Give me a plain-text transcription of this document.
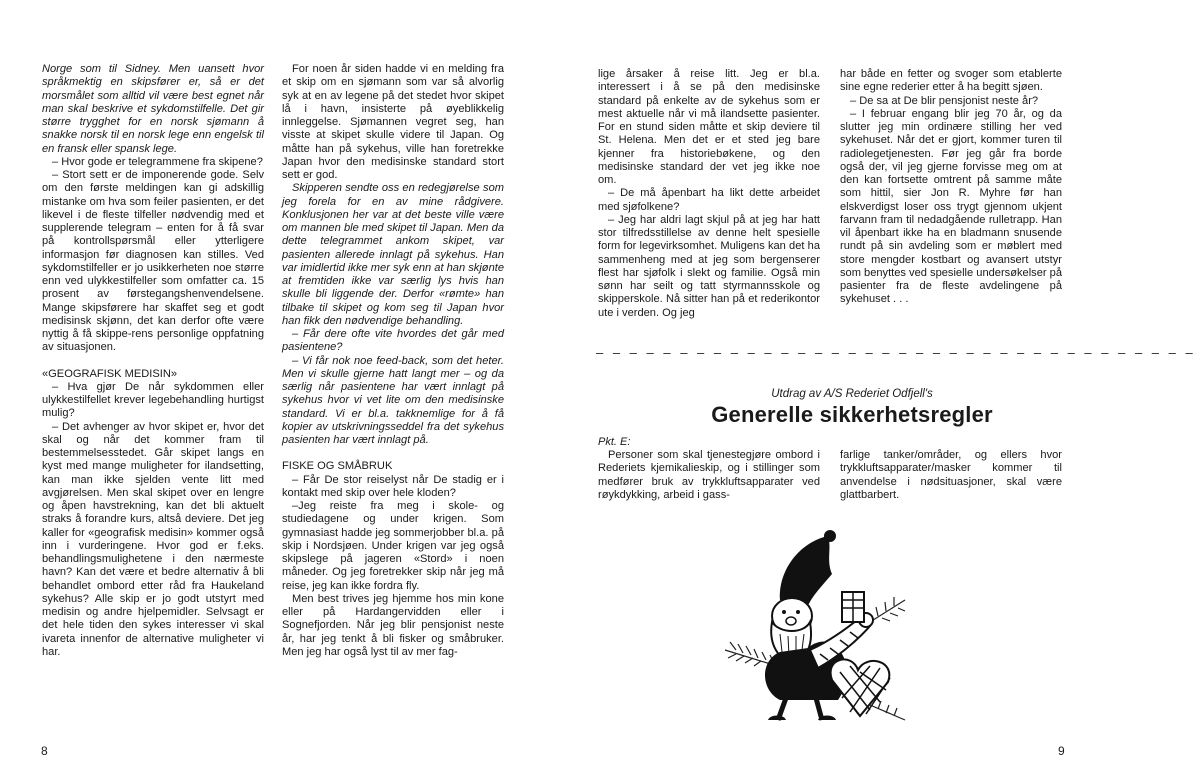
Norge som til Sidney. Men uansett hvor språkmektig en skipsfører er, så er det morsmålet som alltid vil være best egnet når man skal beskrive et sykdomstilfelle. Det gir større trygghet for en norsk sjømann å snakke norsk til en norsk lege enn engelsk til en fransk eller spansk lege.

– Hvor gode er telegrammene fra skipene?

– Stort sett er de imponerende gode. Selv om den første meldingen kan gi adskillig mistanke om hva som feiler pasienten, er det likevel i de fleste tilfeller nødvendig med et supplerende telegram – enten for å få svar på kontrollspørsmål eller ytterligere informasjon før diagnosen kan stilles. Ved sykdomstilfeller er jo usikkerheten noe større enn ved ulykkestilfeller som omfatter ca. 15 prosent av førstegangshenvendelsene. Mange skipsførere har skaffet seg et godt medisinsk skjønn, det kan derfor ofte være nyttig å få skippe-rens personlige oppfatning av situasjonen.

«GEOGRAFISK MEDISIN»

– Hva gjør De når sykdommen eller ulykkestilfellet krever legebehandling hurtigst mulig?

– Det avhenger av hvor skipet er, hvor det skal og når det kommer fram til bestemmelsesstedet. Går skipet langs en kyst med mange muligheter for ilandsetting, kan man ikke sjelden vente litt med avgjørelsen. Men skal skipet over en lengre og åpen havstrekning, kan det bli aktuelt straks å forandre kurs, altså deviere. Det jeg kaller for «geografisk medisin» kommer også inn i vurderingene. Hvor god er f.eks. behandlingsmulighetene i den nærmeste havn? Kan det være et bedre alternativ å bli behandlet ombord etter råd fra Haukeland sykehus? Alle skip er jo godt utstyrt med medisin og andre hjelpemidler. Selvsagt er det hele tiden den sykes interesser vi skal ivareta innenfor de alternative muligheter vi har.

For noen år siden hadde vi en melding fra et skip om en sjømann som var så alvorlig syk at en av legene på det stedet hvor skipet lå i havn, insisterte på øyeblikkelig innleggelse. Sjømannen vegret seg, han visste at skipet skulle videre til Japan. Og måtte han på sykehus, ville han foretrekke Japan hvor den medisinske standard stort sett er god.

Skipperen sendte oss en redegjørelse som jeg forela for en av mine rådgivere. Konklusjonen her var at det beste ville være om mannen ble med skipet til Japan. Men da dette telegrammet ankom skipet, var pasienten allerede innlagt på sykehus. Han var imidlertid ikke mer syk enn at han skjønte at fremtiden ikke var særlig lys hvis han skulle bli liggende der. Derfor «rømte» han tilbake til skipet og kom seg til Japan hvor han fikk den nødvendige behandling.

– Får dere ofte vite hvordes det går med pasientene?

– Vi får nok noe feed-back, som det heter. Men vi skulle gjerne hatt langt mer – og da særlig når pasientene har vært innlagt på sykehus hvor vi vet lite om den medisinske standard. Vi er bl.a. takknemlige for å få kopier av utskrivningsseddel fra det sykehus pasienten har vært innlagt på.

FISKE OG SMÅBRUK

– Får De stor reiselyst når De stadig er i kontakt med skip over hele kloden?

–Jeg reiste fra meg i skole- og studiedagene og under krigen. Som gymnasiast hadde jeg sommerjobber bl.a. på skip i Nordsjøen. Under krigen var jeg også skipslege på jageren «Stord» i noen måneder. Og jeg foretrekker skip når jeg må reise, jeg kan ikke fordra fly.

Men best trives jeg hjemme hos min kone eller på Hardangervidden eller i Sognefjorden. Når jeg blir pensjonist neste år, har jeg tenkt å bli fisker og småbruker. Men jeg har også lyst til av mer fag-

8

lige årsaker å reise litt. Jeg er bl.a. interessert i å se på den medisinske standard på enkelte av de sykehus som er mest aktuelle når vi må ilandsette pasienter. For en stund siden måtte et skip deviere til St. Helena. Men det er et sted jeg bare kjenner fra historiebøkene, og den medisinske standard der vet jeg ikke noe om.

– De må åpenbart ha likt dette arbeidet med sjøfolkene?

– Jeg har aldri lagt skjul på at jeg har hatt stor tilfredsstillelse av denne helt spesielle form for legevirksomhet. Muligens kan det ha sammenheng med at jeg som bergenserer flest har sjøfolk i slekt og familie. Også min sønn har seilt og tatt styrmannsskole og skipperskole. Nå sitter han på et rederikontor ute i verden. Og jeg

har både en fetter og svoger som etablerte sine egne rederier etter å ha begitt sjøen.

– De sa at De blir pensjonist neste år?

– I februar engang blir jeg 70 år, og da slutter jeg min ordinære stilling her ved sykehuset. Når det er gjort, kommer turen til radiolegetjenesten. Før jeg går fra borde også der, vil jeg gjerne forvisse meg om at den kan fortsette omtrent på samme måte som hittil, sier Jon R. Myhre før han elskverdigst loser oss trygt gjennom ukjent farvann fram til nedadgående rulletrapp. Han vil åpenbart ikke ha en bladmann snusende rundt på sin avdeling som er møblert med store mengder kostbart og avansert utstyr som benyttes ved spesielle undersøkelser på pasienter fra de fleste avdelingene på sykehuset . . .

– – – – – – – – – – – – – – – – – – – – – – – – – – – – – – – – – – – –
Utdrag av A/S Rederiet Odfjell's
Generelle sikkerhetsregler
Pkt. E:

Personer som skal tjenestegjøre ombord i Rederiets kjemikalieskip, og i stillinger som medfører bruk av trykkluftsapparater ved røykdykking, arbeid i gass-

farlige tanker/områder, og ellers hvor trykkluftsapparater/masker kommer til anvendelse i nødsituasjoner, skal være glattbarbert.

9
